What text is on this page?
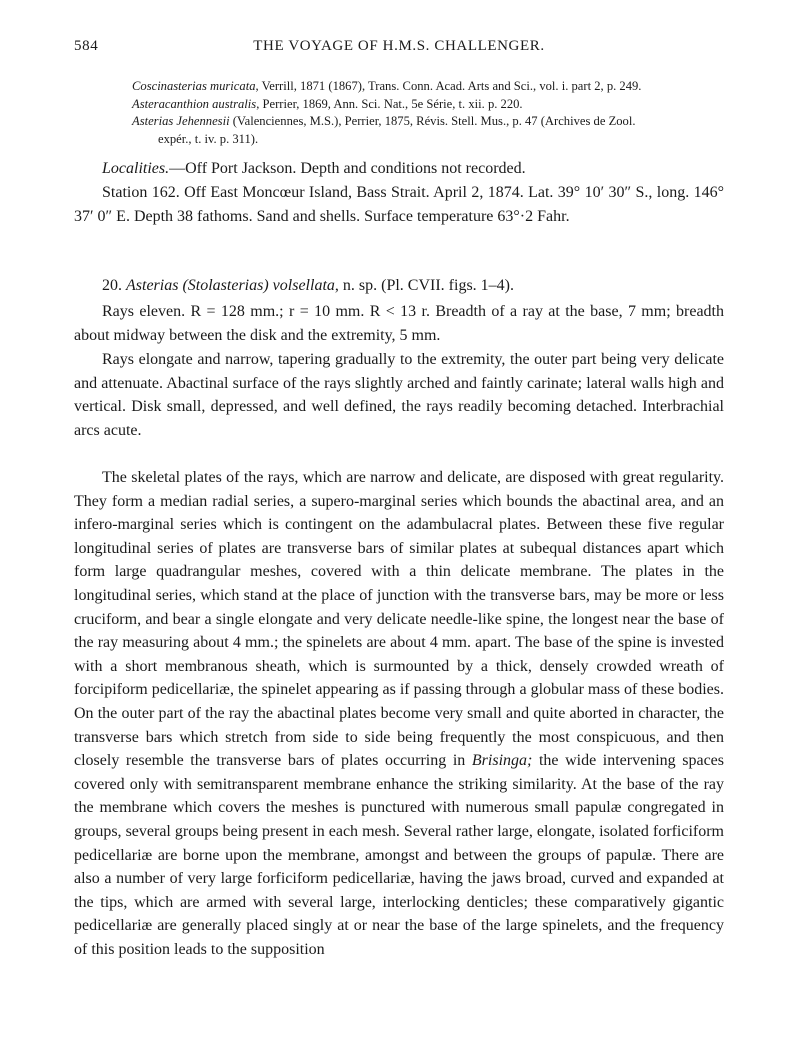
584	THE VOYAGE OF H.M.S. CHALLENGER.
Coscinasterias muricata, Verrill, 1871 (1867), Trans. Conn. Acad. Arts and Sci., vol. i. part 2, p. 249.
Asteracanthion australis, Perrier, 1869, Ann. Sci. Nat., 5e Série, t. xii. p. 220.
Asterias Jehennesii (Valenciennes, M.S.), Perrier, 1875, Révis. Stell. Mus., p. 47 (Archives de Zool.
expér., t. iv. p. 311).

Localities.—Off Port Jackson. Depth and conditions not recorded.

Station 162. Off East Moncœur Island, Bass Strait. April 2, 1874. Lat. 39° 10′ 30″ S., long. 146° 37′ 0″ E. Depth 38 fathoms. Sand and shells. Surface temperature 63°·2 Fahr.

20. Asterias (Stolasterias) volsellata, n. sp. (Pl. CVII. figs. 1–4).

Rays eleven. R = 128 mm.; r = 10 mm. R < 13 r. Breadth of a ray at the base, 7 mm; breadth about midway between the disk and the extremity, 5 mm.

Rays elongate and narrow, tapering gradually to the extremity, the outer part being very delicate and attenuate. Abactinal surface of the rays slightly arched and faintly carinate; lateral walls high and vertical. Disk small, depressed, and well defined, the rays readily becoming detached. Interbrachial arcs acute.

The skeletal plates of the rays, which are narrow and delicate, are disposed with great regularity. They form a median radial series, a supero-marginal series which bounds the abactinal area, and an infero-marginal series which is contingent on the adambulacral plates. Between these five regular longitudinal series of plates are transverse bars of similar plates at subequal distances apart which form large quadrangular meshes, covered with a thin delicate membrane. The plates in the longitudinal series, which stand at the place of junction with the transverse bars, may be more or less cruciform, and bear a single elongate and very delicate needle-like spine, the longest near the base of the ray measuring about 4 mm.; the spinelets are about 4 mm. apart. The base of the spine is invested with a short membranous sheath, which is surmounted by a thick, densely crowded wreath of forcipiform pedicellariæ, the spinelet appearing as if passing through a globular mass of these bodies. On the outer part of the ray the abactinal plates become very small and quite aborted in character, the transverse bars which stretch from side to side being frequently the most conspicuous, and then closely resemble the transverse bars of plates occurring in Brisinga; the wide intervening spaces covered only with semitransparent membrane enhance the striking similarity. At the base of the ray the membrane which covers the meshes is punctured with numerous small papulæ congregated in groups, several groups being present in each mesh. Several rather large, elongate, isolated forficiform pedicellariæ are borne upon the membrane, amongst and between the groups of papulæ. There are also a number of very large forficiform pedicellariæ, having the jaws broad, curved and expanded at the tips, which are armed with several large, interlocking denticles; these comparatively gigantic pedicellariæ are generally placed singly at or near the base of the large spinelets, and the frequency of this position leads to the supposition
